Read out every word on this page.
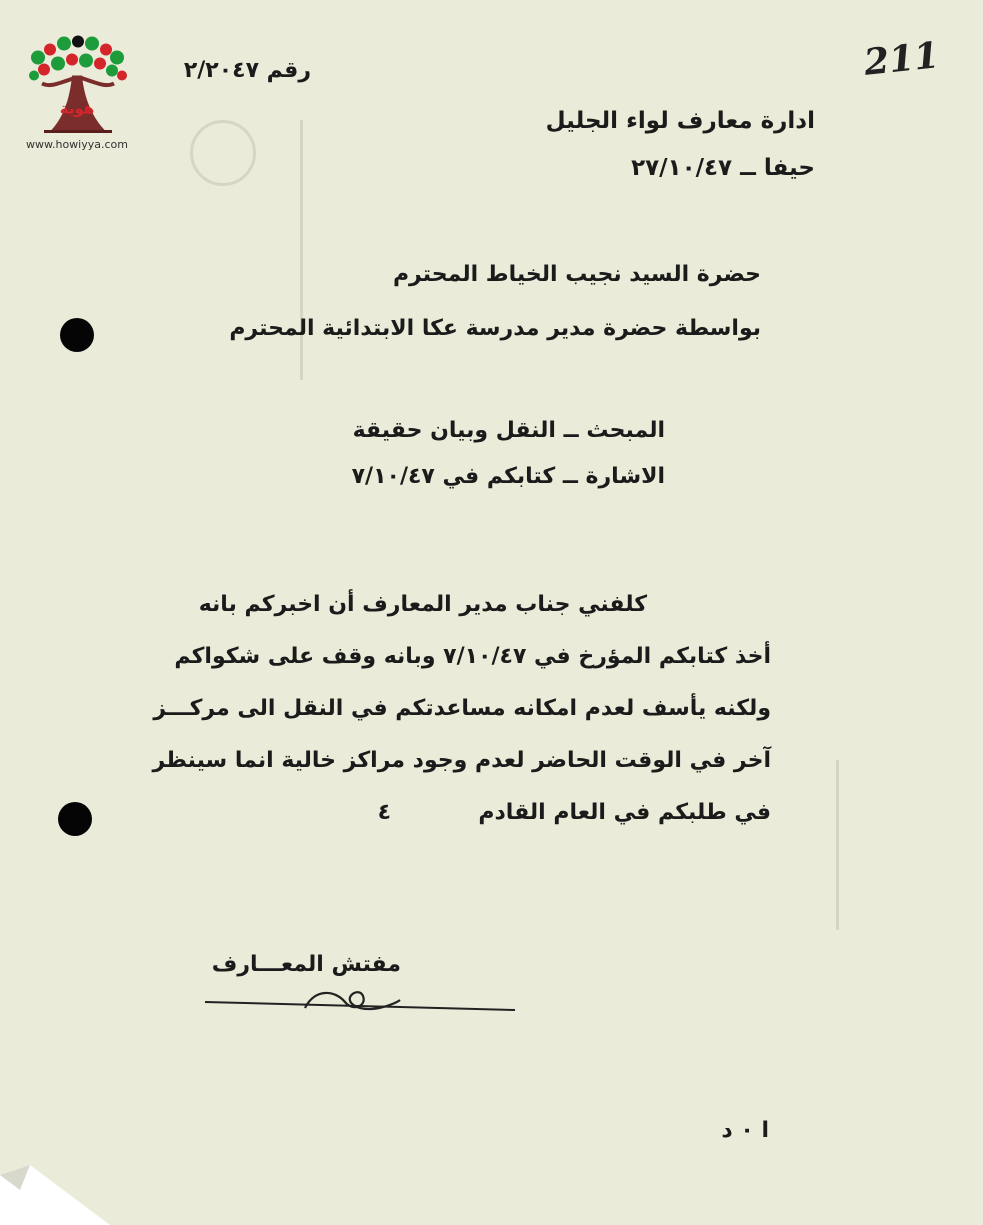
هوية
www.howiyya.com
211
رقم ٢/٢٠٤٧
ادارة معارف لواء الجليل
حيفا ــ ٢٧/١٠/٤٧
حضرة السيد نجيب الخياط المحترم
بواسطة حضرة مدير مدرسة عكا الابتدائية المحترم
المبحث ــ النقل وبيان حقيقة
الاشارة ــ كتابكم في ٧/١٠/٤٧
كلفني جناب مدير المعارف أن اخبركم بانه
أخذ كتابكم المؤرخ في ٧/١٠/٤٧ وبانه وقف على شكواكم
ولكنه يأسف لعدم امكانه مساعدتكم في النقل الى مركـــز
آخر في الوقت الحاضر لعدم وجود مراكز خالية انما سينظر
في طلبكم في العام القادم
٤
مفتش المعـــارف
ا ٠ د
